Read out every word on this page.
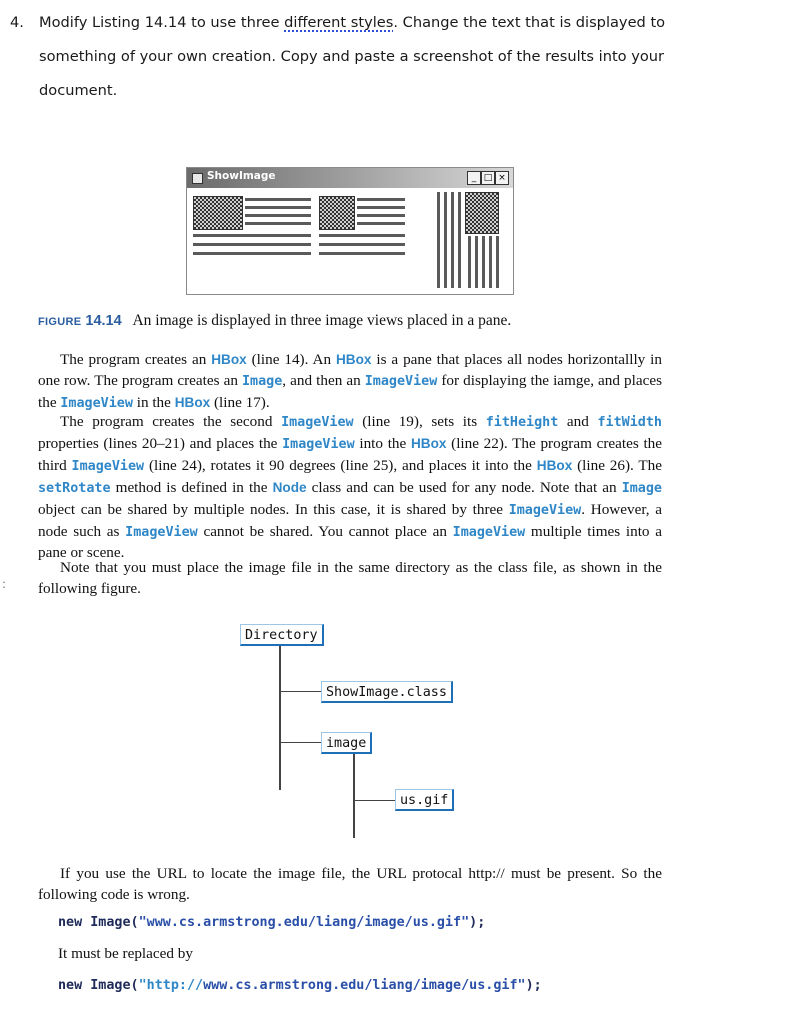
4. Modify Listing 14.14 to use three different styles. Change the text that is displayed to
something of your own creation. Copy and paste a screenshot of the results into your
document.
ShowImage	_ □ ×
FIGURE 14.14 An image is displayed in three image views placed in a pane.

The program creates an HBox (line 14). An HBox is a pane that places all nodes horizontallly in one row. The program creates an Image, and then an ImageView for displaying the iamge, and places the ImageView in the HBox (line 17).

The program creates the second ImageView (line 19), sets its fitHeight and fitWidth properties (lines 20–21) and places the ImageView into the HBox (line 22). The program creates the third ImageView (line 24), rotates it 90 degrees (line 25), and places it into the HBox (line 26). The setRotate method is defined in the Node class and can be used for any node. Note that an Image object can be shared by multiple nodes. In this case, it is shared by three ImageView. However, a node such as ImageView cannot be shared. You cannot place an ImageView multiple times into a pane or scene.

Note that you must place the image file in the same directory as the class file, as shown in the following figure.

:
Directory
ShowImage.class
image
us.gif

If you use the URL to locate the image file, the URL protocal http:// must be present. So the following code is wrong.

new Image("www.cs.armstrong.edu/liang/image/us.gif");
It must be replaced by
new Image("http://www.cs.armstrong.edu/liang/image/us.gif");
